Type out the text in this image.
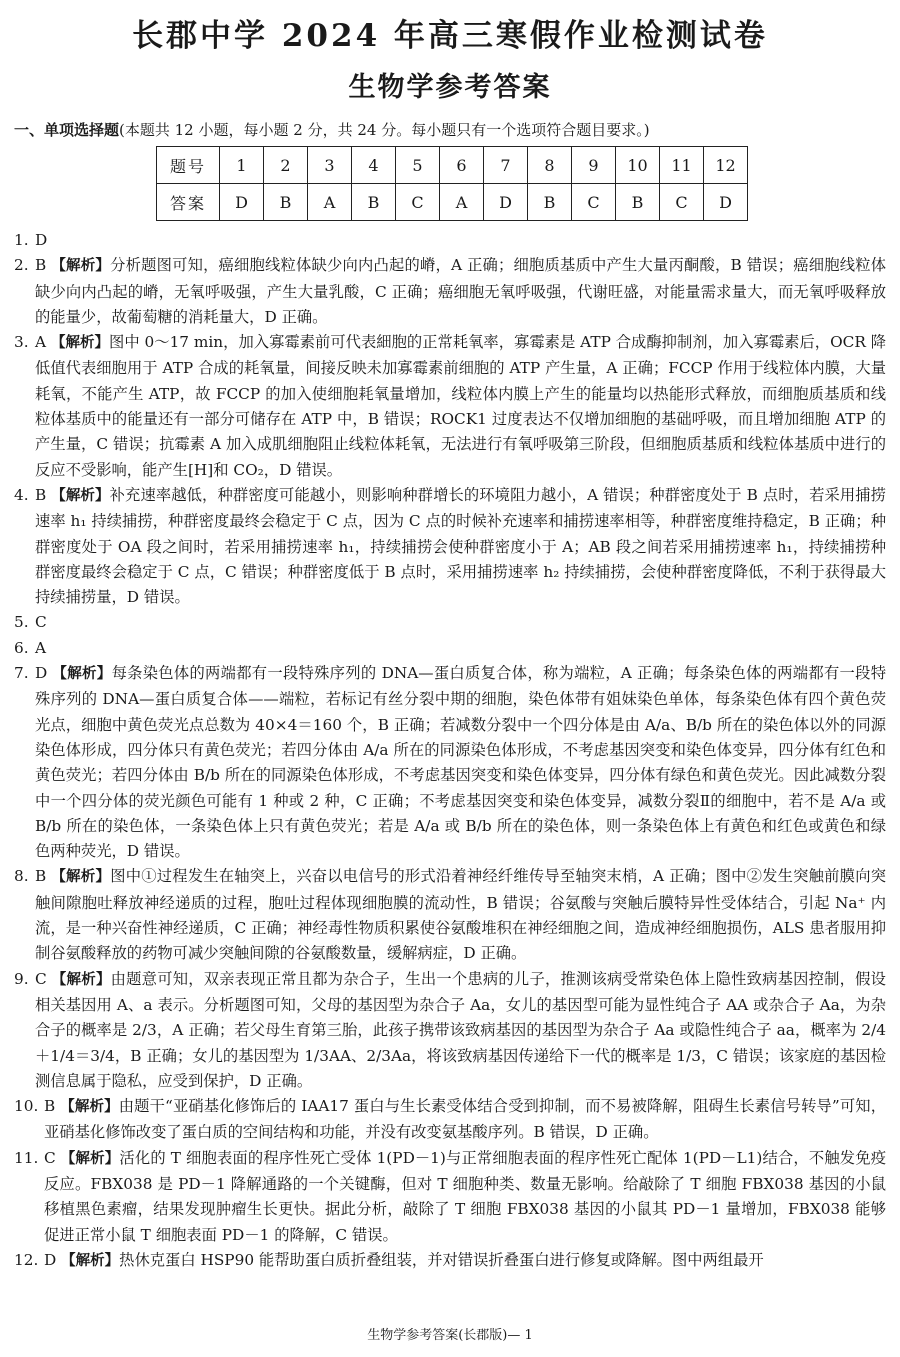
长郡中学 2024 年高三寒假作业检测试卷
生物学参考答案
一、单项选择题(本题共 12 小题，每小题 2 分，共 24 分。每小题只有一个选项符合题目要求。)
题号	1	2	3	4	5	6	7	8	9	10	11	12
答案	D	B	A	B	C	A	D	B	C	B	C	D
1. D
2. B 【解析】分析题图可知，癌细胞线粒体缺少向内凸起的嵴，A 正确；细胞质基质中产生大量丙酮酸，B 错误；癌细胞线粒体缺少向内凸起的嵴，无氧呼吸强，产生大量乳酸，C 正确；癌细胞无氧呼吸强，代谢旺盛，对能量需求量大，而无氧呼吸释放的能量少，故葡萄糖的消耗量大，D 正确。
3. A 【解析】图中 0～17 min，加入寡霉素前可代表細胞的正常耗氧率，寡霉素是 ATP 合成酶抑制剂，加入寡霉素后，OCR 降低值代表细胞用于 ATP 合成的耗氧量，间接反映未加寡霉素前细胞的 ATP 产生量，A 正确；FCCP 作用于线粒体内膜，大量耗氧，不能产生 ATP，故 FCCP 的加入使细胞耗氧量增加，线粒体内膜上产生的能量均以热能形式释放，而细胞质基质和线粒体基质中的能量还有一部分可储存在 ATP 中，B 错误；ROCK1 过度表达不仅增加细胞的基础呼吸，而且增加细胞 ATP 的产生量，C 错误；抗霉素 A 加入成肌细胞阻止线粒体耗氧，无法进行有氧呼吸第三阶段，但细胞质基质和线粒体基质中进行的反应不受影响，能产生[H]和 CO₂，D 错误。
4. B 【解析】补充速率越低，种群密度可能越小，则影响种群增长的环境阻力越小，A 错误；种群密度处于 B 点时，若采用捕捞速率 h₁ 持续捕捞，种群密度最终会稳定于 C 点，因为 C 点的时候补充速率和捕捞速率相等，种群密度维持稳定，B 正确；种群密度处于 OA 段之间时，若采用捕捞速率 h₁，持续捕捞会使种群密度小于 A；AB 段之间若采用捕捞速率 h₁，持续捕捞种群密度最终会稳定于 C 点，C 错误；种群密度低于 B 点时，采用捕捞速率 h₂ 持续捕捞，会使种群密度降低，不利于获得最大持续捕捞量，D 错误。
5. C
6. A
7. D 【解析】每条染色体的两端都有一段特殊序列的 DNA—蛋白质复合体，称为端粒，A 正确；每条染色体的两端都有一段特殊序列的 DNA—蛋白质复合体——端粒，若标记有丝分裂中期的细胞，染色体带有姐妹染色单体，每条染色体有四个黄色荧光点，细胞中黄色荧光点总数为 40×4＝160 个，B 正确；若减数分裂中一个四分体是由 A/a、B/b 所在的染色体以外的同源染色体形成，四分体只有黄色荧光；若四分体由 A/a 所在的同源染色体形成，不考虑基因突变和染色体变异，四分体有红色和黄色荧光；若四分体由 B/b 所在的同源染色体形成，不考虑基因突变和染色体变异，四分体有绿色和黄色荧光。因此减数分裂中一个四分体的荧光颜色可能有 1 种或 2 种，C 正确；不考虑基因突变和染色体变异，减数分裂Ⅱ的细胞中，若不是 A/a 或 B/b 所在的染色体，一条染色体上只有黄色荧光；若是 A/a 或 B/b 所在的染色体，则一条染色体上有黄色和红色或黄色和绿色两种荧光，D 错误。
8. B 【解析】图中①过程发生在轴突上，兴奋以电信号的形式沿着神经纤维传导至轴突末梢，A 正确；图中②发生突触前膜向突触间隙胞吐释放神经递质的过程，胞吐过程体现细胞膜的流动性，B 错误；谷氨酸与突触后膜特异性受体结合，引起 Na⁺ 内流，是一种兴奋性神经递质，C 正确；神经毒性物质积累使谷氨酸堆积在神经细胞之间，造成神经细胞损伤，ALS 患者服用抑制谷氨酸释放的药物可减少突触间隙的谷氨酸数量，缓解病症，D 正确。
9. C 【解析】由题意可知，双亲表现正常且都为杂合子，生出一个患病的儿子，推测该病受常染色体上隐性致病基因控制，假设相关基因用 A、a 表示。分析题图可知，父母的基因型为杂合子 Aa，女儿的基因型可能为显性纯合子 AA 或杂合子 Aa，为杂合子的概率是 2/3，A 正确；若父母生育第三胎，此孩子携带该致病基因的基因型为杂合子 Aa 或隐性纯合子 aa，概率为 2/4＋1/4＝3/4，B 正确；女儿的基因型为 1/3AA、2/3Aa，将该致病基因传递给下一代的概率是 1/3，C 错误；该家庭的基因检测信息属于隐私，应受到保护，D 正确。
10. B 【解析】由题干“亚硝基化修饰后的 IAA17 蛋白与生长素受体结合受到抑制，而不易被降解，阻碍生长素信号转导”可知，亚硝基化修饰改变了蛋白质的空间结构和功能，并没有改变氨基酸序列。B 错误，D 正确。
11. C 【解析】活化的 T 细胞表面的程序性死亡受体 1(PD－1)与正常细胞表面的程序性死亡配体 1(PD－L1)结合，不触发免疫反应。FBX038 是 PD－1 降解通路的一个关键酶，但对 T 细胞种类、数量无影响。给敲除了 T 细胞 FBX038 基因的小鼠移植黑色素瘤，结果发现肿瘤生长更快。据此分析，敲除了 T 细胞 FBX038 基因的小鼠其 PD－1 量增加，FBX038 能够促进正常小鼠 T 细胞表面 PD－1 的降解，C 错误。
12. D 【解析】热休克蛋白 HSP90 能帮助蛋白质折叠组装，并对错误折叠蛋白进行修复或降解。图中两组最开
生物学参考答案(长郡版)— 1
